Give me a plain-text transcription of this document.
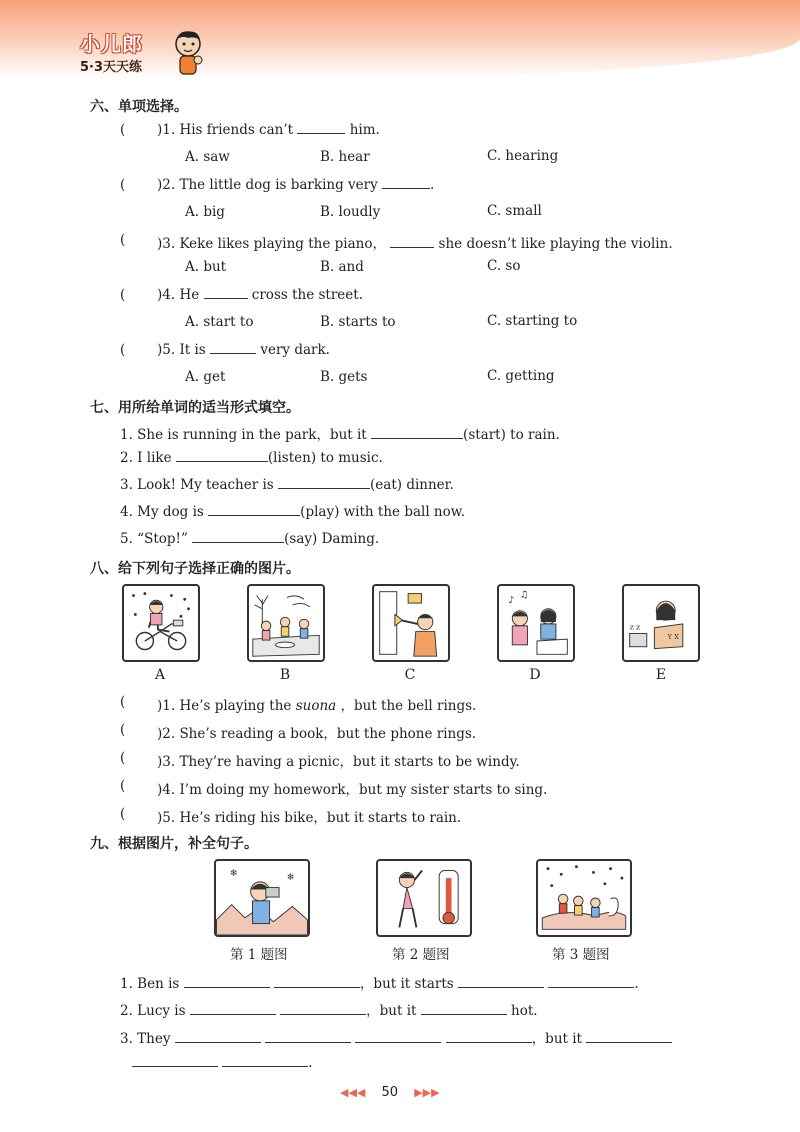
小儿郎
5·3天天练
六、单项选择。
( )1. His friends can’t	him.
A. saw	B. hear	C. hearing
( )2. The little dog is barking very	.
A. big	B. loudly	C. small
( )3. Keke likes playing the piano，	she doesn’t like playing the violin.
A. but	B. and	C. so
( )4. He	cross the street.
A. start to	B. starts to	C. starting to
( )5. It is	very dark.
A. get	B. gets	C. getting
七、用所给单词的适当形式填空。
1. She is running in the park，but it	(start) to rain.
2. I like	(listen) to music.
3. Look! My teacher is	(eat) dinner.
4. My dog is	(play) with the ball now.
5. “Stop!”	(say) Daming.
八、给下列句子选择正确的图片。
A	B	C
♪
♫
D
Y X
z z
E
( )1. He’s playing the suona ，but the bell rings.
( )2. She’s reading a book，but the phone rings.
( )3. They’re having a picnic，but it starts to be windy.
( )4. I’m doing my homework，but my sister starts to sing.
( )5. He’s riding his bike，but it starts to rain.
九、根据图片，补全句子。
❄	❄
第 1 题图	第 2 题图	第 3 题图
1. Ben is	，but it starts	.
2. Lucy is	，but it	hot.
3. They	，but it
.
◀◀◀ 50 ▶▶▶
